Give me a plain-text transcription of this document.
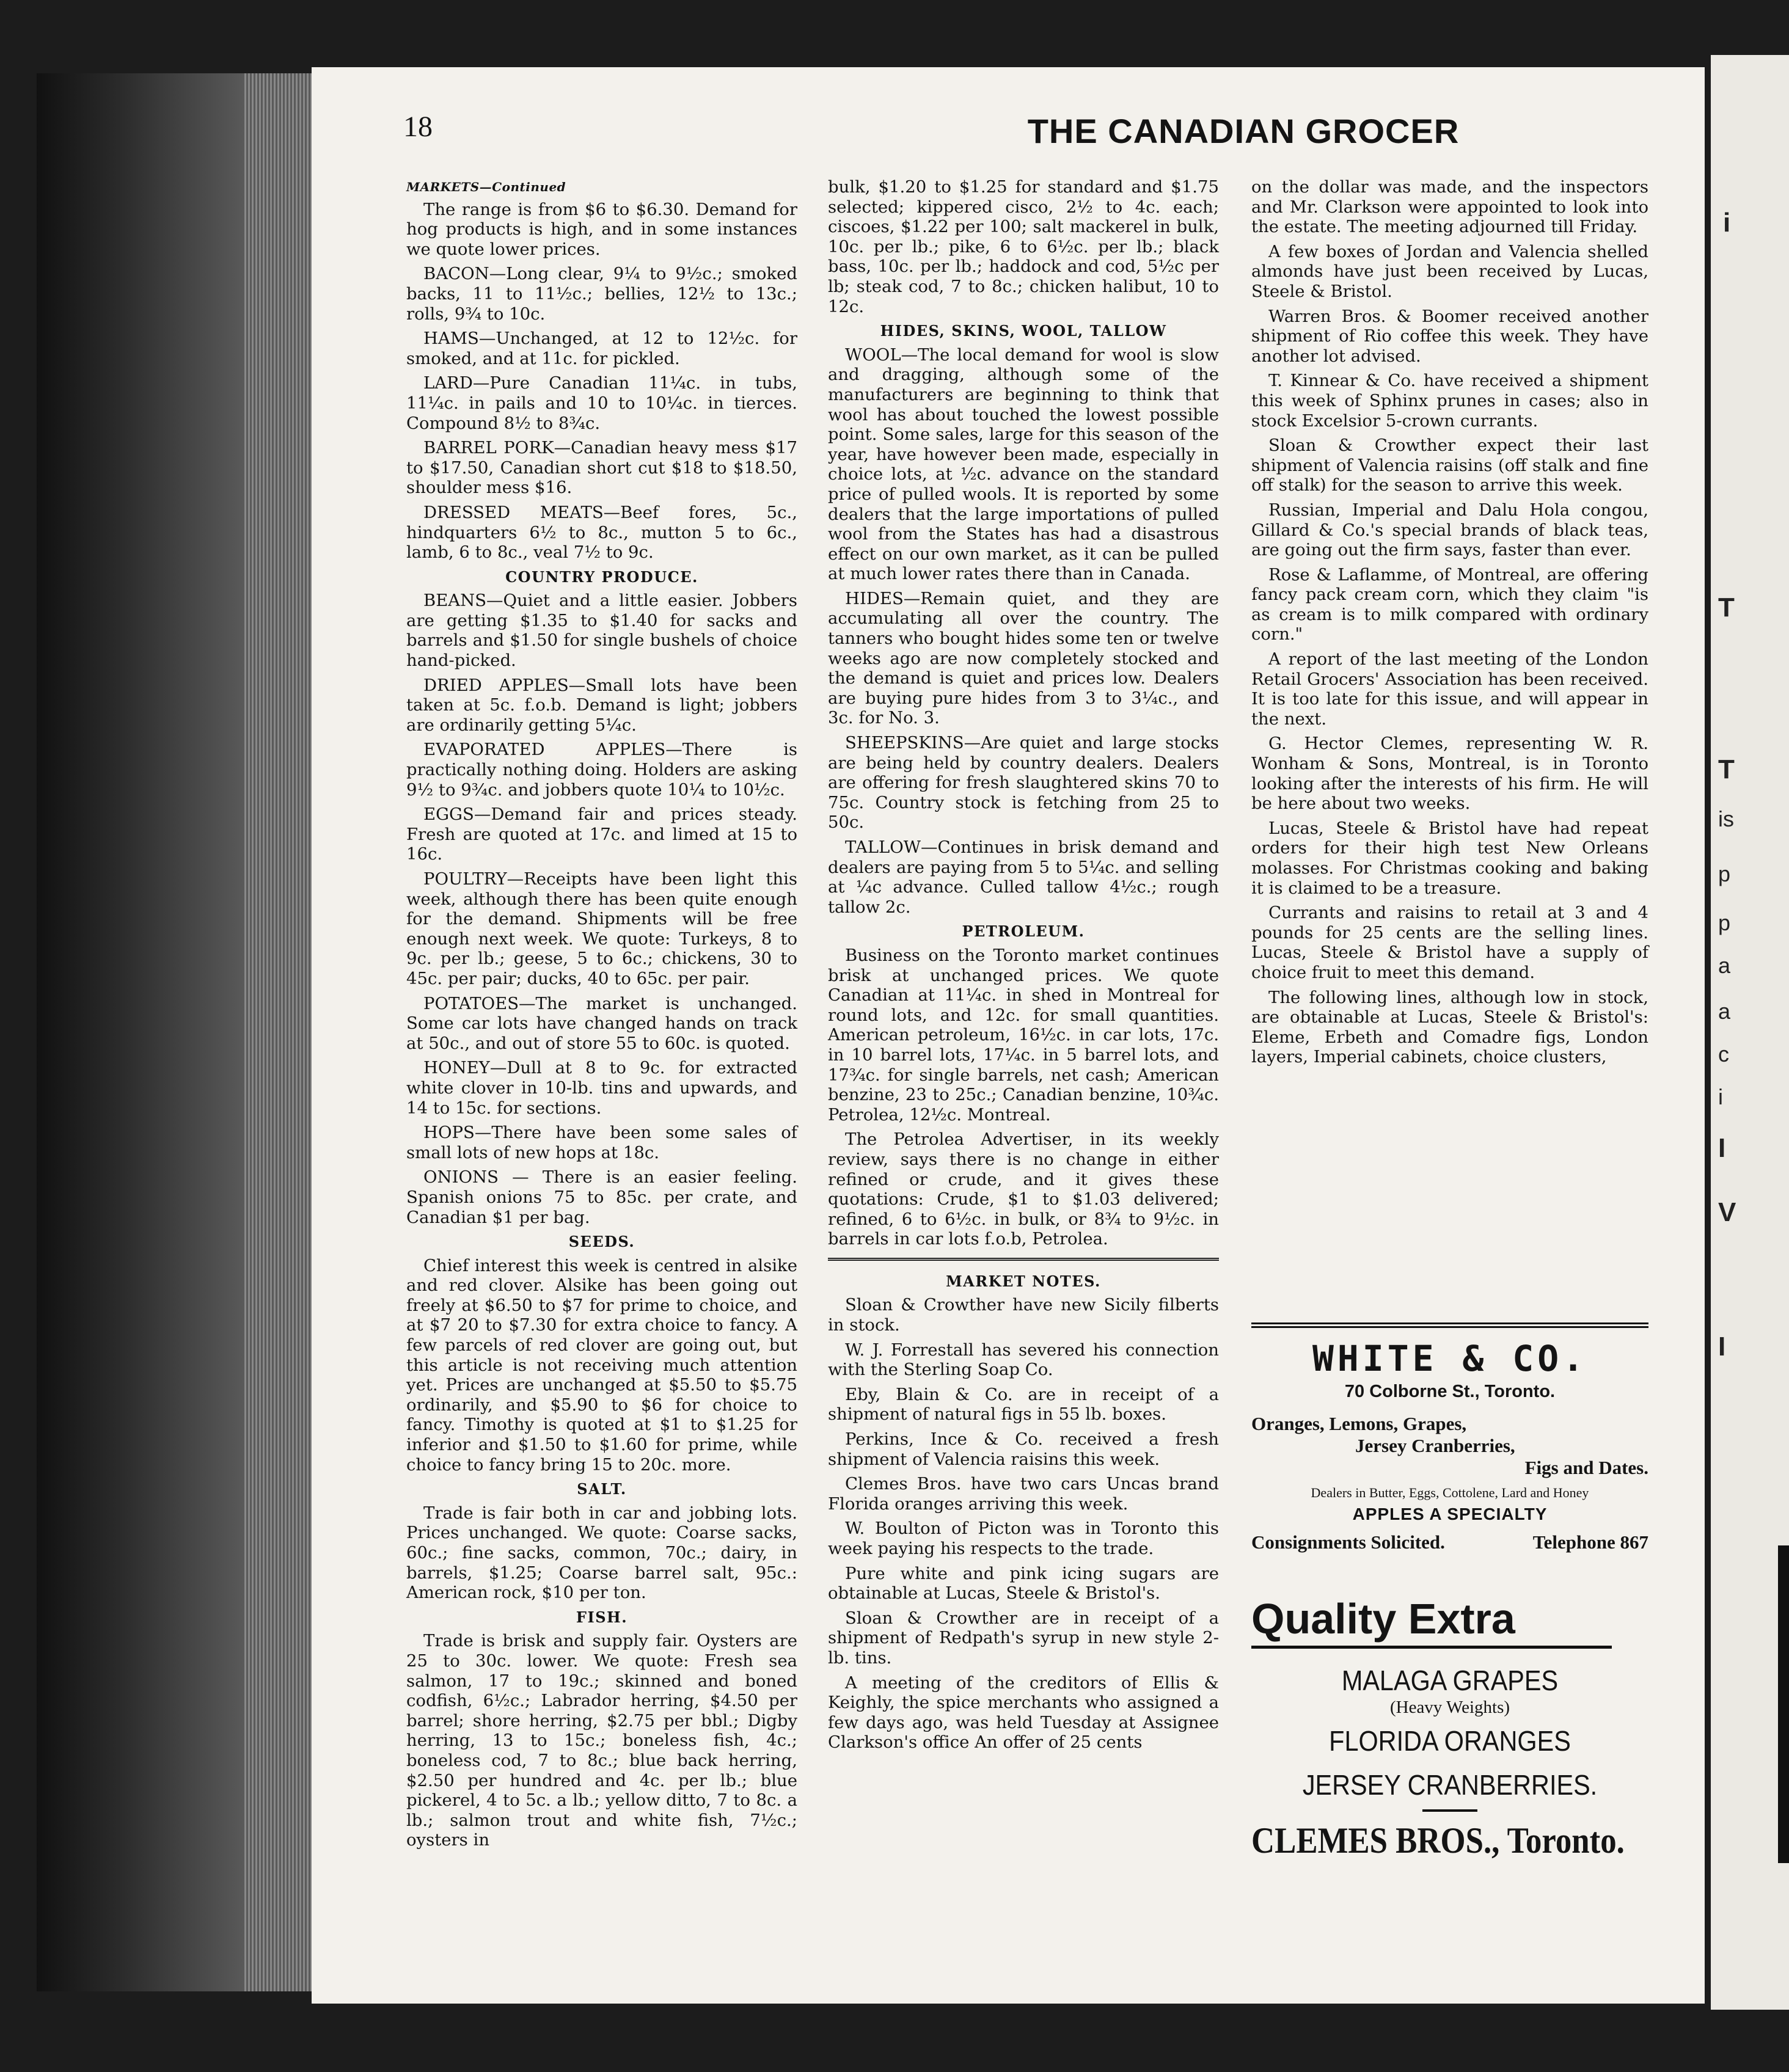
i
T
T
is
p
p
a
a
c
i
I
V
I
18	THE CANADIAN GROCER

MARKETS—Continued

The range is from $6 to $6.30. Demand for hog products is high, and in some instances we quote lower prices.

BACON—Long clear, 9¼ to 9½c.; smoked backs, 11 to 11½c.; bellies, 12½ to 13c.; rolls, 9¾ to 10c.

HAMS—Unchanged, at 12 to 12½c. for smoked, and at 11c. for pickled.

LARD—Pure Canadian 11¼c. in tubs, 11¼c. in pails and 10 to 10¼c. in tierces. Compound 8½ to 8¾c.

BARREL PORK—Canadian heavy mess $17 to $17.50, Canadian short cut $18 to $18.50, shoulder mess $16.

DRESSED MEATS—Beef fores, 5c., hindquarters 6½ to 8c., mutton 5 to 6c., lamb, 6 to 8c., veal 7½ to 9c.

COUNTRY PRODUCE.

BEANS—Quiet and a little easier. Jobbers are getting $1.35 to $1.40 for sacks and barrels and $1.50 for single bushels of choice hand-picked.

DRIED APPLES—Small lots have been taken at 5c. f.o.b. Demand is light; jobbers are ordinarily getting 5¼c.

EVAPORATED APPLES—There is practically nothing doing. Holders are asking 9½ to 9¾c. and jobbers quote 10¼ to 10½c.

EGGS—Demand fair and prices steady. Fresh are quoted at 17c. and limed at 15 to 16c.

POULTRY—Receipts have been light this week, although there has been quite enough for the demand. Shipments will be free enough next week. We quote: Turkeys, 8 to 9c. per lb.; geese, 5 to 6c.; chickens, 30 to 45c. per pair; ducks, 40 to 65c. per pair.

POTATOES—The market is unchanged. Some car lots have changed hands on track at 50c., and out of store 55 to 60c. is quoted.

HONEY—Dull at 8 to 9c. for extracted white clover in 10-lb. tins and upwards, and 14 to 15c. for sections.

HOPS—There have been some sales of small lots of new hops at 18c.

ONIONS — There is an easier feeling. Spanish onions 75 to 85c. per crate, and Canadian $1 per bag.

SEEDS.

Chief interest this week is centred in alsike and red clover. Alsike has been going out freely at $6.50 to $7 for prime to choice, and at $7 20 to $7.30 for extra choice to fancy. A few parcels of red clover are going out, but this article is not receiving much attention yet. Prices are unchanged at $5.50 to $5.75 ordinarily, and $5.90 to $6 for choice to fancy. Timothy is quoted at $1 to $1.25 for inferior and $1.50 to $1.60 for prime, while choice to fancy bring 15 to 20c. more.

SALT.

Trade is fair both in car and jobbing lots. Prices unchanged. We quote: Coarse sacks, 60c.; fine sacks, common, 70c.; dairy, in barrels, $1.25; Coarse barrel salt, 95c.: American rock, $10 per ton.

FISH.

Trade is brisk and supply fair. Oysters are 25 to 30c. lower. We quote: Fresh sea salmon, 17 to 19c.; skinned and boned codfish, 6½c.; Labrador herring, $4.50 per barrel; shore herring, $2.75 per bbl.; Digby herring, 13 to 15c.; boneless fish, 4c.; boneless cod, 7 to 8c.; blue back herring, $2.50 per hundred and 4c. per lb.; blue pickerel, 4 to 5c. a lb.; yellow ditto, 7 to 8c. a lb.; salmon trout and white fish, 7½c.; oysters in

bulk, $1.20 to $1.25 for standard and $1.75 selected; kippered cisco, 2½ to 4c. each; ciscoes, $1.22 per 100; salt mackerel in bulk, 10c. per lb.; pike, 6 to 6½c. per lb.; black bass, 10c. per lb.; haddock and cod, 5½c per lb; steak cod, 7 to 8c.; chicken halibut, 10 to 12c.

HIDES, SKINS, WOOL, TALLOW

WOOL—The local demand for wool is slow and dragging, although some of the manufacturers are beginning to think that wool has about touched the lowest possible point. Some sales, large for this season of the year, have however been made, especially in choice lots, at ½c. advance on the standard price of pulled wools. It is reported by some dealers that the large importations of pulled wool from the States has had a disastrous effect on our own market, as it can be pulled at much lower rates there than in Canada.

HIDES—Remain quiet, and they are accumulating all over the country. The tanners who bought hides some ten or twelve weeks ago are now completely stocked and the demand is quiet and prices low. Dealers are buying pure hides from 3 to 3¼c., and 3c. for No. 3.

SHEEPSKINS—Are quiet and large stocks are being held by country dealers. Dealers are offering for fresh slaughtered skins 70 to 75c. Country stock is fetching from 25 to 50c.

TALLOW—Continues in brisk demand and dealers are paying from 5 to 5¼c. and selling at ¼c advance. Culled tallow 4½c.; rough tallow 2c.

PETROLEUM.

Business on the Toronto market continues brisk at unchanged prices. We quote Canadian at 11¼c. in shed in Montreal for round lots, and 12c. for small quantities. American petroleum, 16½c. in car lots, 17c. in 10 barrel lots, 17¼c. in 5 barrel lots, and 17¾c. for single barrels, net cash; American benzine, 23 to 25c.; Canadian benzine, 10¾c. Petrolea, 12½c. Montreal.

The Petrolea Advertiser, in its weekly review, says there is no change in either refined or crude, and it gives these quotations: Crude, $1 to $1.03 delivered; refined, 6 to 6½c. in bulk, or 8¾ to 9½c. in barrels in car lots f.o.b, Petrolea.

MARKET NOTES.

Sloan & Crowther have new Sicily filberts in stock.

W. J. Forrestall has severed his connection with the Sterling Soap Co.

Eby, Blain & Co. are in receipt of a shipment of natural figs in 55 lb. boxes.

Perkins, Ince & Co. received a fresh shipment of Valencia raisins this week.

Clemes Bros. have two cars Uncas brand Florida oranges arriving this week.

W. Boulton of Picton was in Toronto this week paying his respects to the trade.

Pure white and pink icing sugars are obtainable at Lucas, Steele & Bristol's.

Sloan & Crowther are in receipt of a shipment of Redpath's syrup in new style 2-lb. tins.

A meeting of the creditors of Ellis & Keighly, the spice merchants who assigned a few days ago, was held Tuesday at Assignee Clarkson's office An offer of 25 cents

on the dollar was made, and the inspectors and Mr. Clarkson were appointed to look into the estate. The meeting adjourned till Friday.

A few boxes of Jordan and Valencia shelled almonds have just been received by Lucas, Steele & Bristol.

Warren Bros. & Boomer received another shipment of Rio coffee this week. They have another lot advised.

T. Kinnear & Co. have received a shipment this week of Sphinx prunes in cases; also in stock Excelsior 5-crown currants.

Sloan & Crowther expect their last shipment of Valencia raisins (off stalk and fine off stalk) for the season to arrive this week.

Russian, Imperial and Dalu Hola congou, Gillard & Co.'s special brands of black teas, are going out the firm says, faster than ever.

Rose & Laflamme, of Montreal, are offering fancy pack cream corn, which they claim "is as cream is to milk compared with ordinary corn."

A report of the last meeting of the London Retail Grocers' Association has been received. It is too late for this issue, and will appear in the next.

G. Hector Clemes, representing W. R. Wonham & Sons, Montreal, is in Toronto looking after the interests of his firm. He will be here about two weeks.

Lucas, Steele & Bristol have had repeat orders for their high test New Orleans molasses. For Christmas cooking and baking it is claimed to be a treasure.

Currants and raisins to retail at 3 and 4 pounds for 25 cents are the selling lines. Lucas, Steele & Bristol have a supply of choice fruit to meet this demand.

The following lines, although low in stock, are obtainable at Lucas, Steele & Bristol's: Eleme, Erbeth and Comadre figs, London layers, Imperial cabinets, choice clusters,

WHITE & CO.
70 Colborne St., Toronto.
Oranges, Lemons, Grapes,
Jersey Cranberries,
Figs and Dates.
Dealers in Butter, Eggs, Cottolene, Lard and Honey
APPLES A SPECIALTY
Consignments Solicited.	Telephone 867
Quality Extra
MALAGA GRAPES
(Heavy Weights)
FLORIDA ORANGES
JERSEY CRANBERRIES.
CLEMES BROS., Toronto.
